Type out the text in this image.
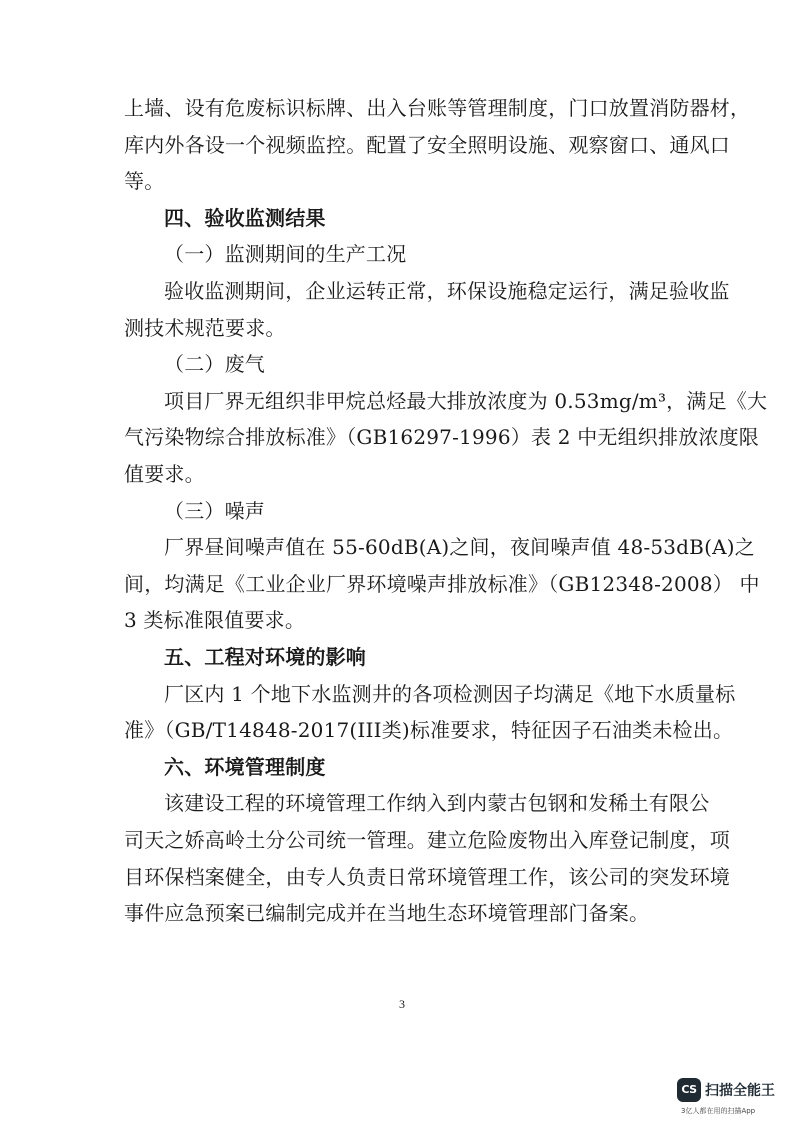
上墙、设有危废标识标牌、出入台账等管理制度，门口放置消防器材，
库内外各设一个视频监控。配置了安全照明设施、观察窗口、通风口
等。
四、验收监测结果
（一）监测期间的生产工况
验收监测期间，企业运转正常，环保设施稳定运行，满足验收监
测技术规范要求。
（二）废气
项目厂界无组织非甲烷总烃最大排放浓度为 0.53mg/m³，满足《大
气污染物综合排放标准》（GB16297-1996）表 2 中无组织排放浓度限
值要求。
（三）噪声
厂界昼间噪声值在 55-60dB(A)之间，夜间噪声值 48-53dB(A)之
间，均满足《工业企业厂界环境噪声排放标准》（GB12348-2008） 中
3 类标准限值要求。
五、工程对环境的影响
厂区内 1 个地下水监测井的各项检测因子均满足《地下水质量标
准》（GB/T14848-2017(III类)标准要求，特征因子石油类未检出。
六、环境管理制度
该建设工程的环境管理工作纳入到内蒙古包钢和发稀土有限公
司天之娇高岭土分公司统一管理。建立危险废物出入库登记制度，项
目环保档案健全，由专人负责日常环境管理工作，该公司的突发环境
事件应急预案已编制完成并在当地生态环境管理部门备案。
3
CS 扫描全能王
3亿人都在用的扫描App
